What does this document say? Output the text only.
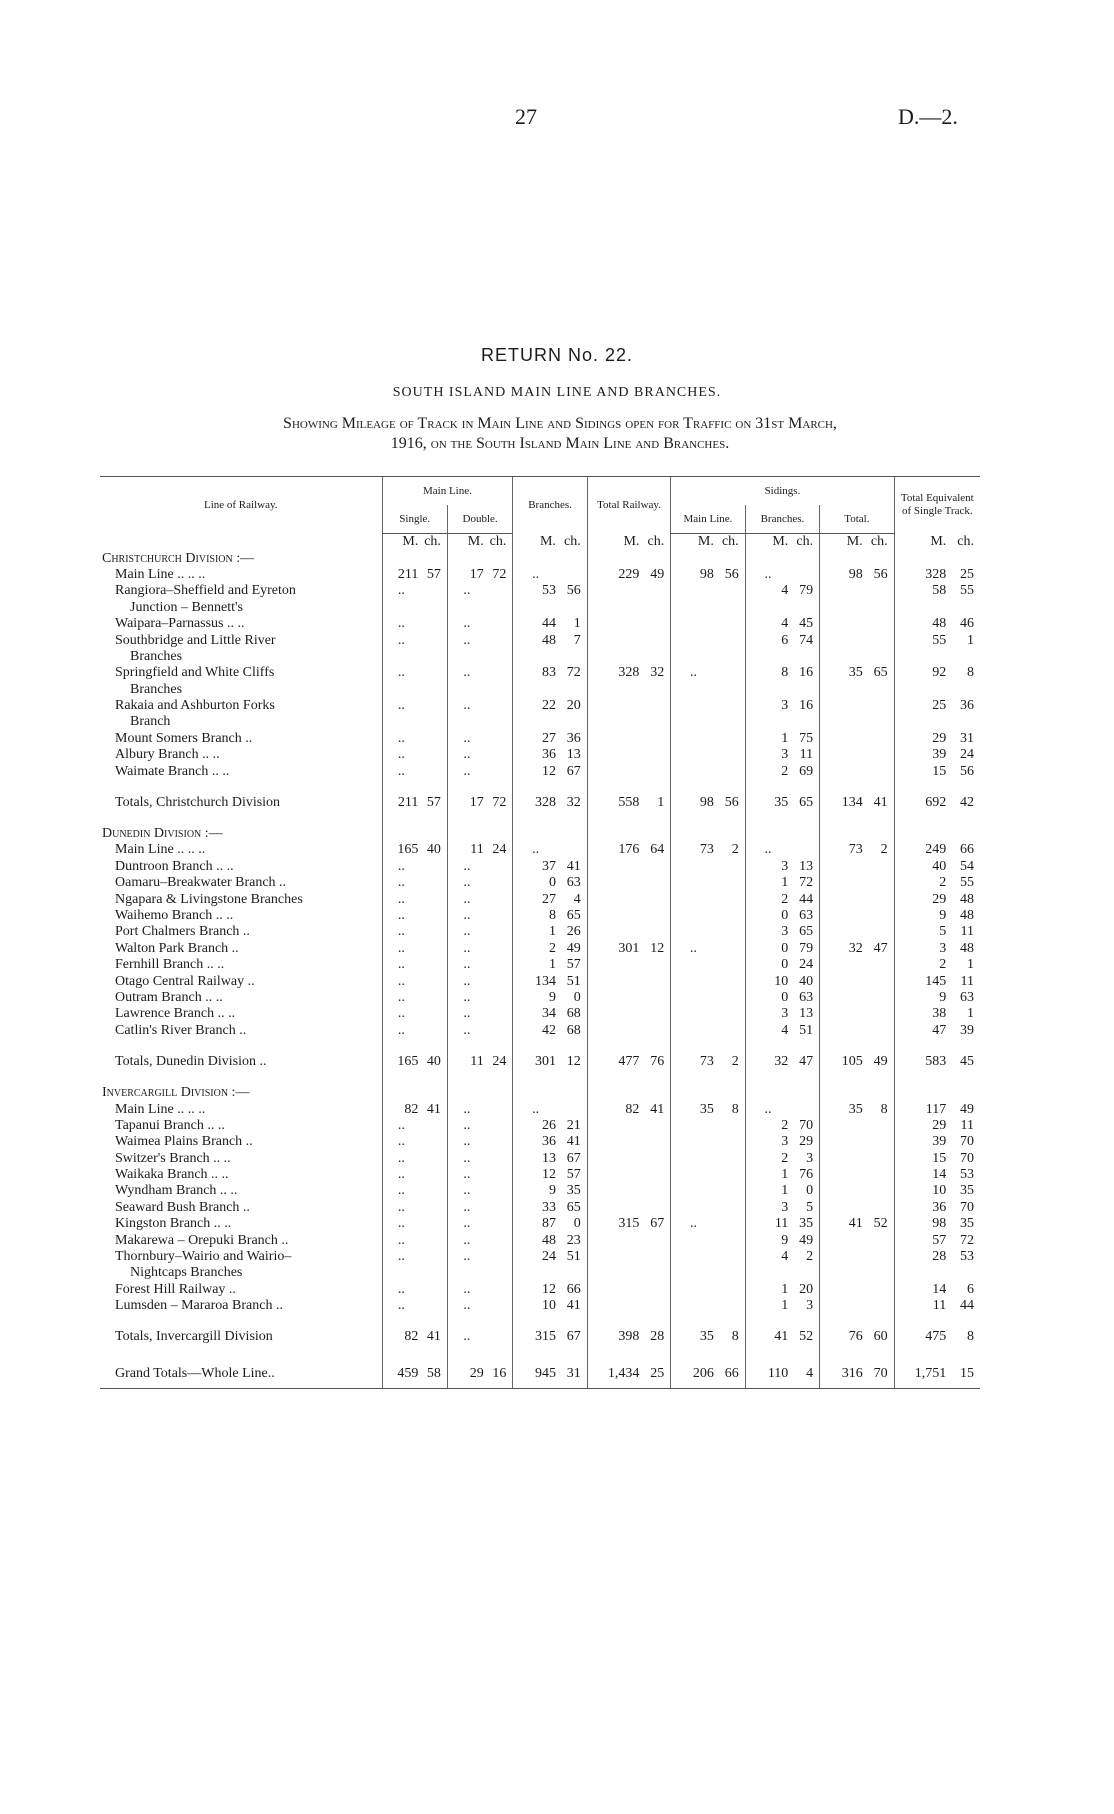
27	D.—2.
RETURN No. 22.
SOUTH ISLAND MAIN LINE AND BRANCHES.
Showing Mileage of Track in Main Line and Sidings open for Traffic on 31st March,
1916, on the South Island Main Line and Branches.
Line of Railway.	Main Line.				Branches.		Total Railway.		Sidings.						Total Equivalent of Single Track.	
	Single.		Double.						Main Line.		Branches.		Total.			
	M.	ch.	M.	ch.	M.	ch.	M.	ch.	M.	ch.	M.	ch.	M.	ch.	M.	ch.
Christchurch Division :—																
Main Line .. .. ..	211	57	17	72	..		229	49	98	56	..		98	56	328	25
Rangiora–Sheffield and Eyreton	..		..		53	56					4	79			58	55
Junction – Bennett's																
Waipara–Parnassus .. ..	..		..		44	1					4	45			48	46
Southbridge and Little River	..		..		48	7					6	74			55	1
Branches																
Springfield and White Cliffs	..		..		83	72	328	32	..		8	16	35	65	92	8
Branches																
Rakaia and Ashburton Forks	..		..		22	20					3	16			25	36
Branch																
Mount Somers Branch ..	..		..		27	36					1	75			29	31
Albury Branch .. ..	..		..		36	13					3	11			39	24
Waimate Branch .. ..	..		..		12	67					2	69			15	56

Totals, Christchurch Division	211	57	17	72	328	32	558	1	98	56	35	65	134	41	692	42

Dunedin Division :—																
Main Line .. .. ..	165	40	11	24	..		176	64	73	2	..		73	2	249	66
Duntroon Branch .. ..	..		..		37	41					3	13			40	54
Oamaru–Breakwater Branch ..	..		..		0	63					1	72			2	55
Ngapara & Livingstone Branches	..		..		27	4					2	44			29	48
Waihemo Branch .. ..	..		..		8	65					0	63			9	48
Port Chalmers Branch ..	..		..		1	26					3	65			5	11
Walton Park Branch ..	..		..		2	49	301	12	..		0	79	32	47	3	48
Fernhill Branch .. ..	..		..		1	57					0	24			2	1
Otago Central Railway ..	..		..		134	51					10	40			145	11
Outram Branch .. ..	..		..		9	0					0	63			9	63
Lawrence Branch .. ..	..		..		34	68					3	13			38	1
Catlin's River Branch ..	..		..		42	68					4	51			47	39

Totals, Dunedin Division ..	165	40	11	24	301	12	477	76	73	2	32	47	105	49	583	45

Invercargill Division :—																
Main Line .. .. ..	82	41	..		..		82	41	35	8	..		35	8	117	49
Tapanui Branch .. ..	..		..		26	21					2	70			29	11
Waimea Plains Branch ..	..		..		36	41					3	29			39	70
Switzer's Branch .. ..	..		..		13	67					2	3			15	70
Waikaka Branch .. ..	..		..		12	57					1	76			14	53
Wyndham Branch .. ..	..		..		9	35					1	0			10	35
Seaward Bush Branch ..	..		..		33	65					3	5			36	70
Kingston Branch .. ..	..		..		87	0	315	67	..		11	35	41	52	98	35
Makarewa – Orepuki Branch ..	..		..		48	23					9	49			57	72
Thornbury–Wairio and Wairio–	..		..		24	51					4	2			28	53
Nightcaps Branches																
Forest Hill Railway ..	..		..		12	66					1	20			14	6
Lumsden – Mararoa Branch ..	..		..		10	41					1	3			11	44

Totals, Invercargill Division	82	41	..		315	67	398	28	35	8	41	52	76	60	475	8

Grand Totals—Whole Line..	459	58	29	16	945	31	1,434	25	206	66	110	4	316	70	1,751	15
